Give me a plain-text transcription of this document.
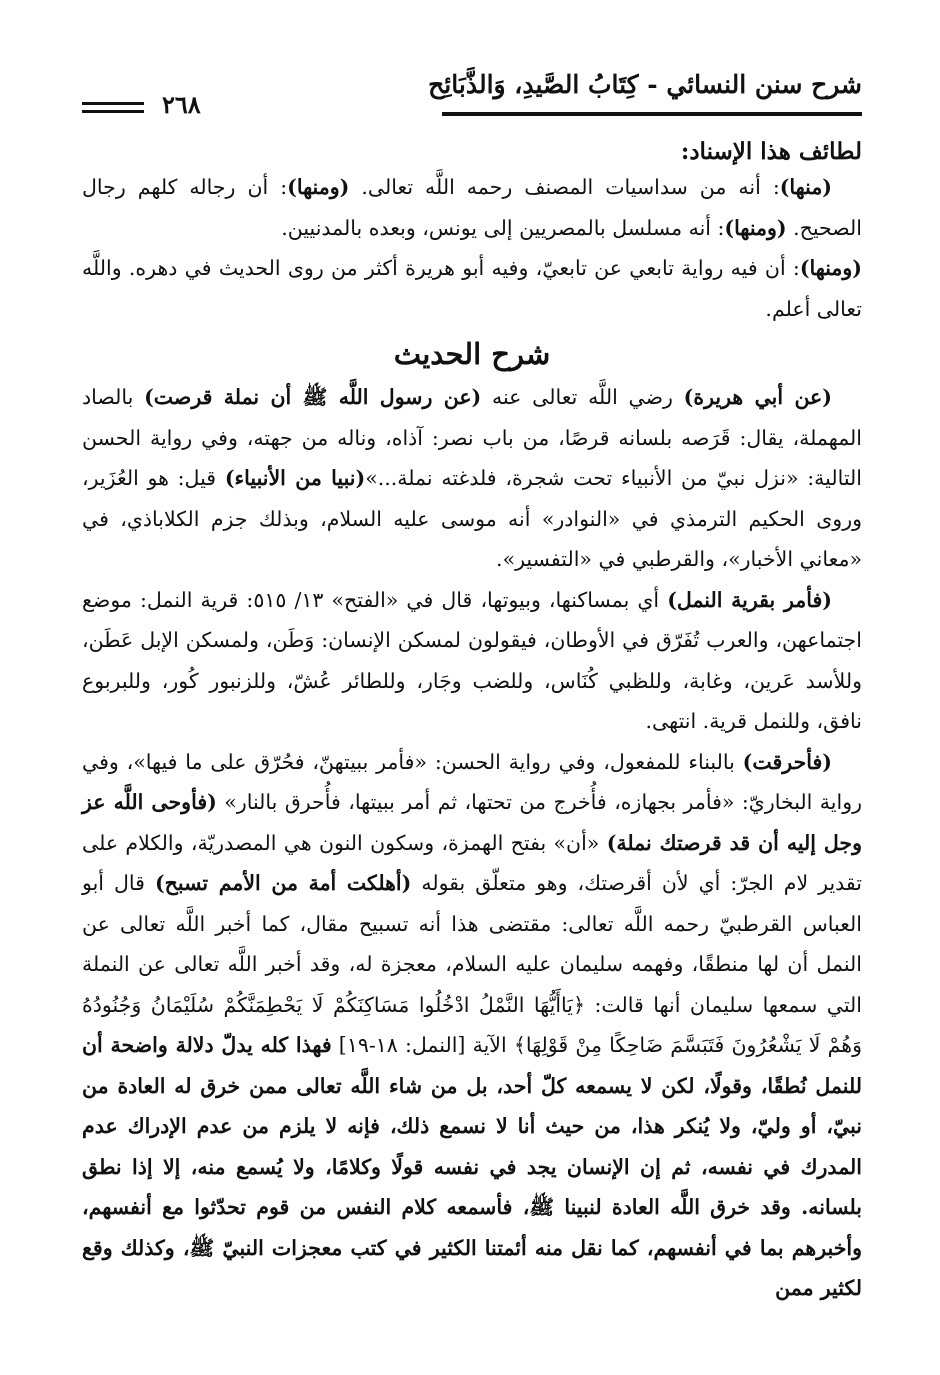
شرح سنن النسائي - كِتَابُ الصَّيدِ، وَالذَّبَائِح
٢٦٨
لطائف هذا الإسناد:

(منها): أنه من سداسيات المصنف رحمه اللَّه تعالى. (ومنها): أن رجاله كلهم رجال الصحيح. (ومنها): أنه مسلسل بالمصريين إلى يونس، وبعده بالمدنيين.

(ومنها): أن فيه رواية تابعي عن تابعيّ، وفيه أبو هريرة أكثر من روى الحديث في دهره. واللَّه تعالى أعلم.

شرح الحديث

(عن أبي هريرة) رضي اللَّه تعالى عنه (عن رسول اللَّه ﷺ أن نملة قرصت) بالصاد المهملة، يقال: قَرَصه بلسانه قرصًا، من باب نصر: آذاه، وناله من جهته، وفي رواية الحسن التالية: «نزل نبيّ من الأنبياء تحت شجرة، فلدغته نملة...»(نبيا من الأنبياء) قيل: هو العُزَير، وروى الحكيم الترمذي في «النوادر» أنه موسى عليه السلام، وبذلك جزم الكلاباذي، في «معاني الأخبار»، والقرطبي في «التفسير».

(فأمر بقرية النمل) أي بمساكنها، وبيوتها، قال في «الفتح» ١٣/ ٥١٥: قرية النمل: موضع اجتماعهن، والعرب تُفَرّق في الأوطان، فيقولون لمسكن الإنسان: وَطَن، ولمسكن الإبل عَطَن، وللأسد عَرين، وغابة، وللظبي كُنَاس، وللضب وجَار، وللطائر عُشّ، وللزنبور كُور، وللبربوع نافق، وللنمل قرية. انتهى.

(فأحرقت) بالبناء للمفعول، وفي رواية الحسن: «فأمر ببيتهنّ، فحُرّق على ما فيها»، وفي رواية البخاريّ: «فأمر بجهازه، فأُخرج من تحتها، ثم أمر ببيتها، فأُحرق بالنار» (فأوحى اللَّه عز وجل إليه أن قد قرصتك نملة) «أن» بفتح الهمزة، وسكون النون هي المصدريّة، والكلام على تقدير لام الجرّ: أي لأن أقرصتك، وهو متعلّق بقوله (أهلكت أمة من الأمم تسبح) قال أبو العباس القرطبيّ رحمه اللَّه تعالى: مقتضى هذا أنه تسبيح مقال، كما أخبر اللَّه تعالى عن النمل أن لها منطقًا، وفهمه سليمان عليه السلام، معجزة له، وقد أخبر اللَّه تعالى عن النملة التي سمعها سليمان أنها قالت: ﴿يَاأَيُّهَا النَّمْلُ ادْخُلُوا مَسَاكِنَكُمْ لَا يَحْطِمَنَّكُمْ سُلَيْمَانُ وَجُنُودُهُ وَهُمْ لَا يَشْعُرُونَ فَتَبَسَّمَ ضَاحِكًا مِنْ قَوْلِهَا﴾ الآية [النمل: ١٨-١٩] فهذا كله يدلّ دلالة واضحة أن للنمل نُطقًا، وقولًا، لكن لا يسمعه كلّ أحد، بل من شاء اللَّه تعالى ممن خرق له العادة من نبيّ، أو وليّ، ولا يُنكر هذا، من حيث أنا لا نسمع ذلك، فإنه لا يلزم من عدم الإدراك عدم المدرك في نفسه، ثم إن الإنسان يجد في نفسه قولًا وكلامًا، ولا يُسمع منه، إلا إذا نطق بلسانه. وقد خرق اللَّه العادة لنبينا ﷺ، فأسمعه كلام النفس من قوم تحدّثوا مع أنفسهم، وأخبرهم بما في أنفسهم، كما نقل منه أئمتنا الكثير في كتب معجزات النبيّ ﷺ، وكذلك وقع لكثير ممن
